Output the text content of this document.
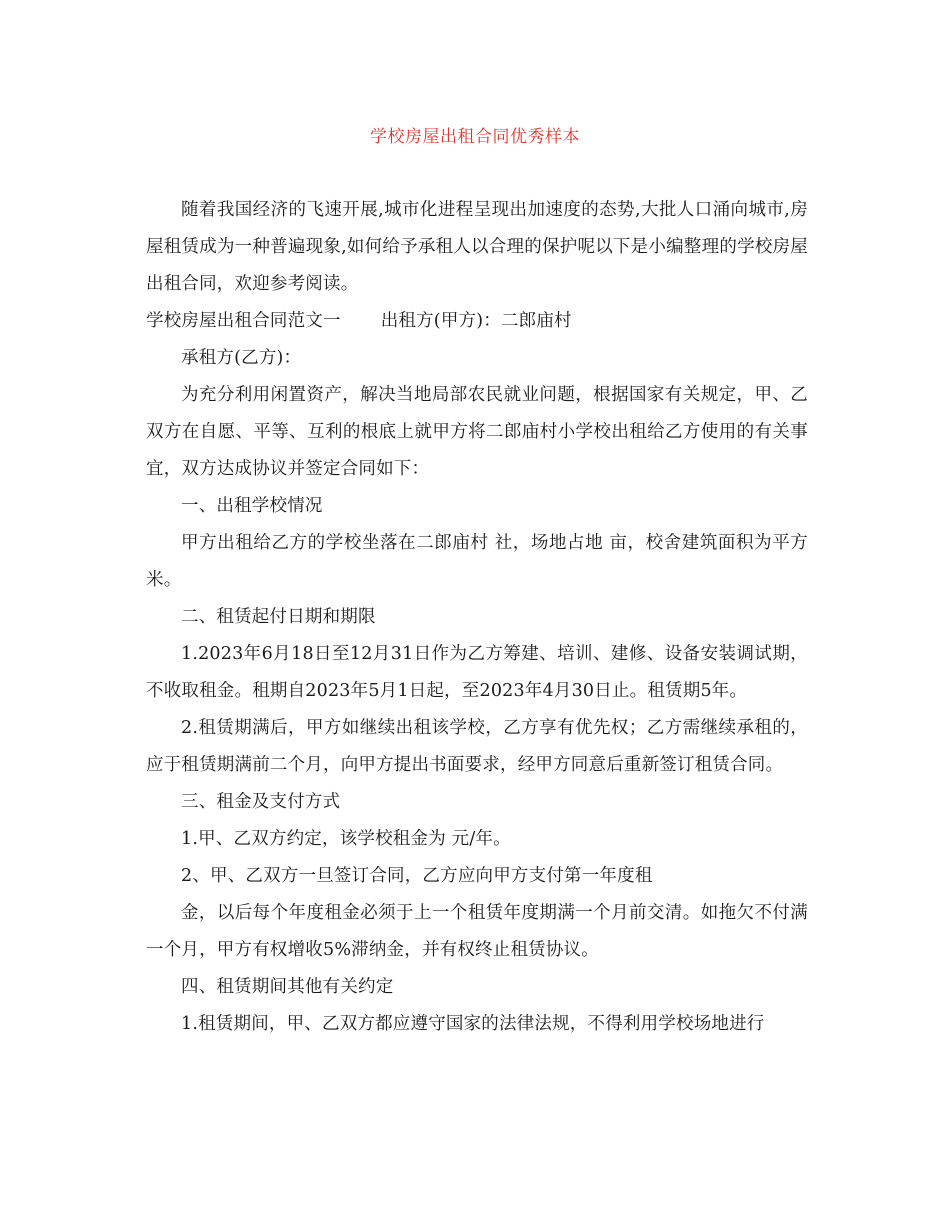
学校房屋出租合同优秀样本

随着我国经济的飞速开展,城市化进程呈现出加速度的态势,大批人口涌向城市,房屋租赁成为一种普遍现象,如何给予承租人以合理的保护呢以下是小编整理的学校房屋出租合同，欢迎参考阅读。

学校房屋出租合同范文一 出租方(甲方)：二郎庙村

承租方(乙方)：

为充分利用闲置资产，解决当地局部农民就业问题，根据国家有关规定，甲、乙双方在自愿、平等、互利的根底上就甲方将二郎庙村小学校出租给乙方使用的有关事宜，双方达成协议并签定合同如下：

一、出租学校情况

甲方出租给乙方的学校坐落在二郎庙村 社，场地占地 亩，校舍建筑面积为平方米。

二、租赁起付日期和期限

1.2023年6月18日至12月31日作为乙方筹建、培训、建修、设备安装调试期，不收取租金。租期自2023年5月1日起，至2023年4月30日止。租赁期5年。

2.租赁期满后，甲方如继续出租该学校，乙方享有优先权；乙方需继续承租的，应于租赁期满前二个月，向甲方提出书面要求，经甲方同意后重新签订租赁合同。

三、租金及支付方式

1.甲、乙双方约定，该学校租金为 元/年。

2、甲、乙双方一旦签订合同，乙方应向甲方支付第一年度租

金，以后每个年度租金必须于上一个租赁年度期满一个月前交清。如拖欠不付满一个月，甲方有权增收5%滞纳金，并有权终止租赁协议。

四、租赁期间其他有关约定

1.租赁期间，甲、乙双方都应遵守国家的法律法规，不得利用学校场地进行
